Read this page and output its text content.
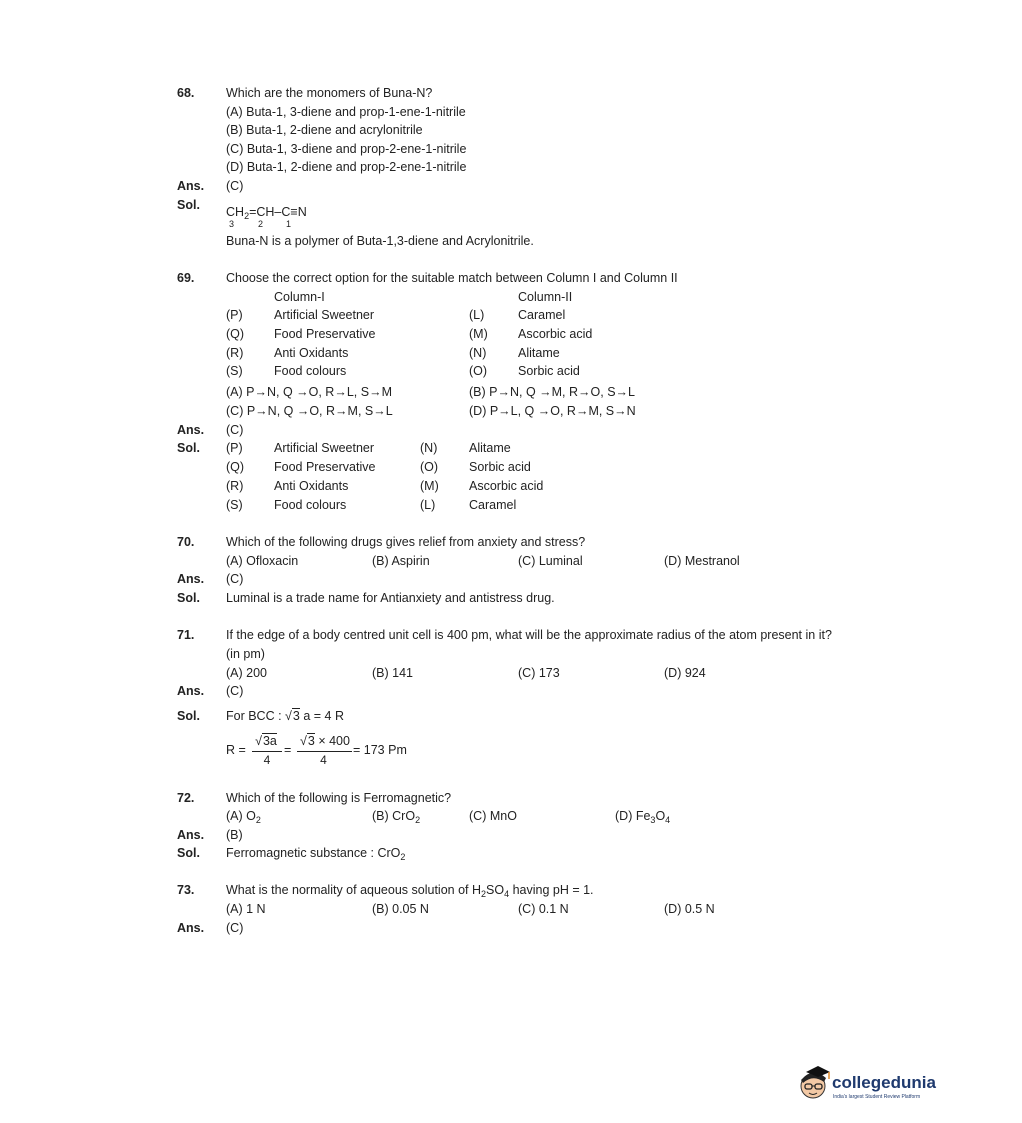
68.	Which are the monomers of Buna-N?
(A) Buta-1, 3-diene and prop-1-ene-1-nitrile
(B) Buta-1, 2-diene and acrylonitrile
(C) Buta-1, 3-diene and prop-2-ene-1-nitrile
(D) Buta-1, 2-diene and prop-2-ene-1-nitrile
Ans. (C)
Sol. $CH_2=CH-C\equiv N$
3	2	1
Buna-N is a polymer of Buta-1,3-diene and Acrylonitrile.
69.	Choose the correct option for the suitable match between Column I and Column II
Column-I	Column-II
(P)	Artificial Sweetner	(L)	Caramel
(Q) Food Preservative	(M) Ascorbic acid
(R) Anti Oxidants	(N)	Alitame
(S)	Food colours	(O) Sorbic acid
(A) P→N, Q →O, R→L, S→M	(B) P→N, Q →M, R→O, S→L
(C) P→N, Q →O, R→M, S→L	(D) P→L, Q →O, R→M, S→N
Ans. (C)
Sol. (P)	Artificial Sweetner	(N)	Alitame
(Q) Food Preservative	(O) Sorbic acid
(R) Anti Oxidants	(M) Ascorbic acid
(S)	Food colours	(L)	Caramel
70.	Which of the following drugs gives relief from anxiety and stress?
(A) Ofloxacin	(B) Aspirin	(C) Luminal	(D) Mestranol
Ans. (C)
Sol. Luminal is a trade name for Antianxiety and antistress drug.
71.	If the edge of a body centred unit cell is 400 pm, what will be the approximate radius of the atom present in it?
(in pm)
(A) 200	(B) 141	(C) 173	(D) 924
Ans. (C)
Sol. For BCC : √3 a = 4 R
R =
√3a
4
=
√3 × 400
4
= 173 Pm
72.	Which of the following is Ferromagnetic?
(A) $O_2$	(B) CrO$_2$	(C) MnO	(D) $Fe_3O_4$
Ans. (B)
Sol. Ferromagnetic substance : CrO$_2$
73.	What is the normality of aqueous solution of $H_2SO_4$ having pH = 1.
(A) 1 N	(B) 0.05 N	(C) 0.1 N	(D) 0.5 N
Ans. (C)
collegedunia
India's largest Student Review Platform
